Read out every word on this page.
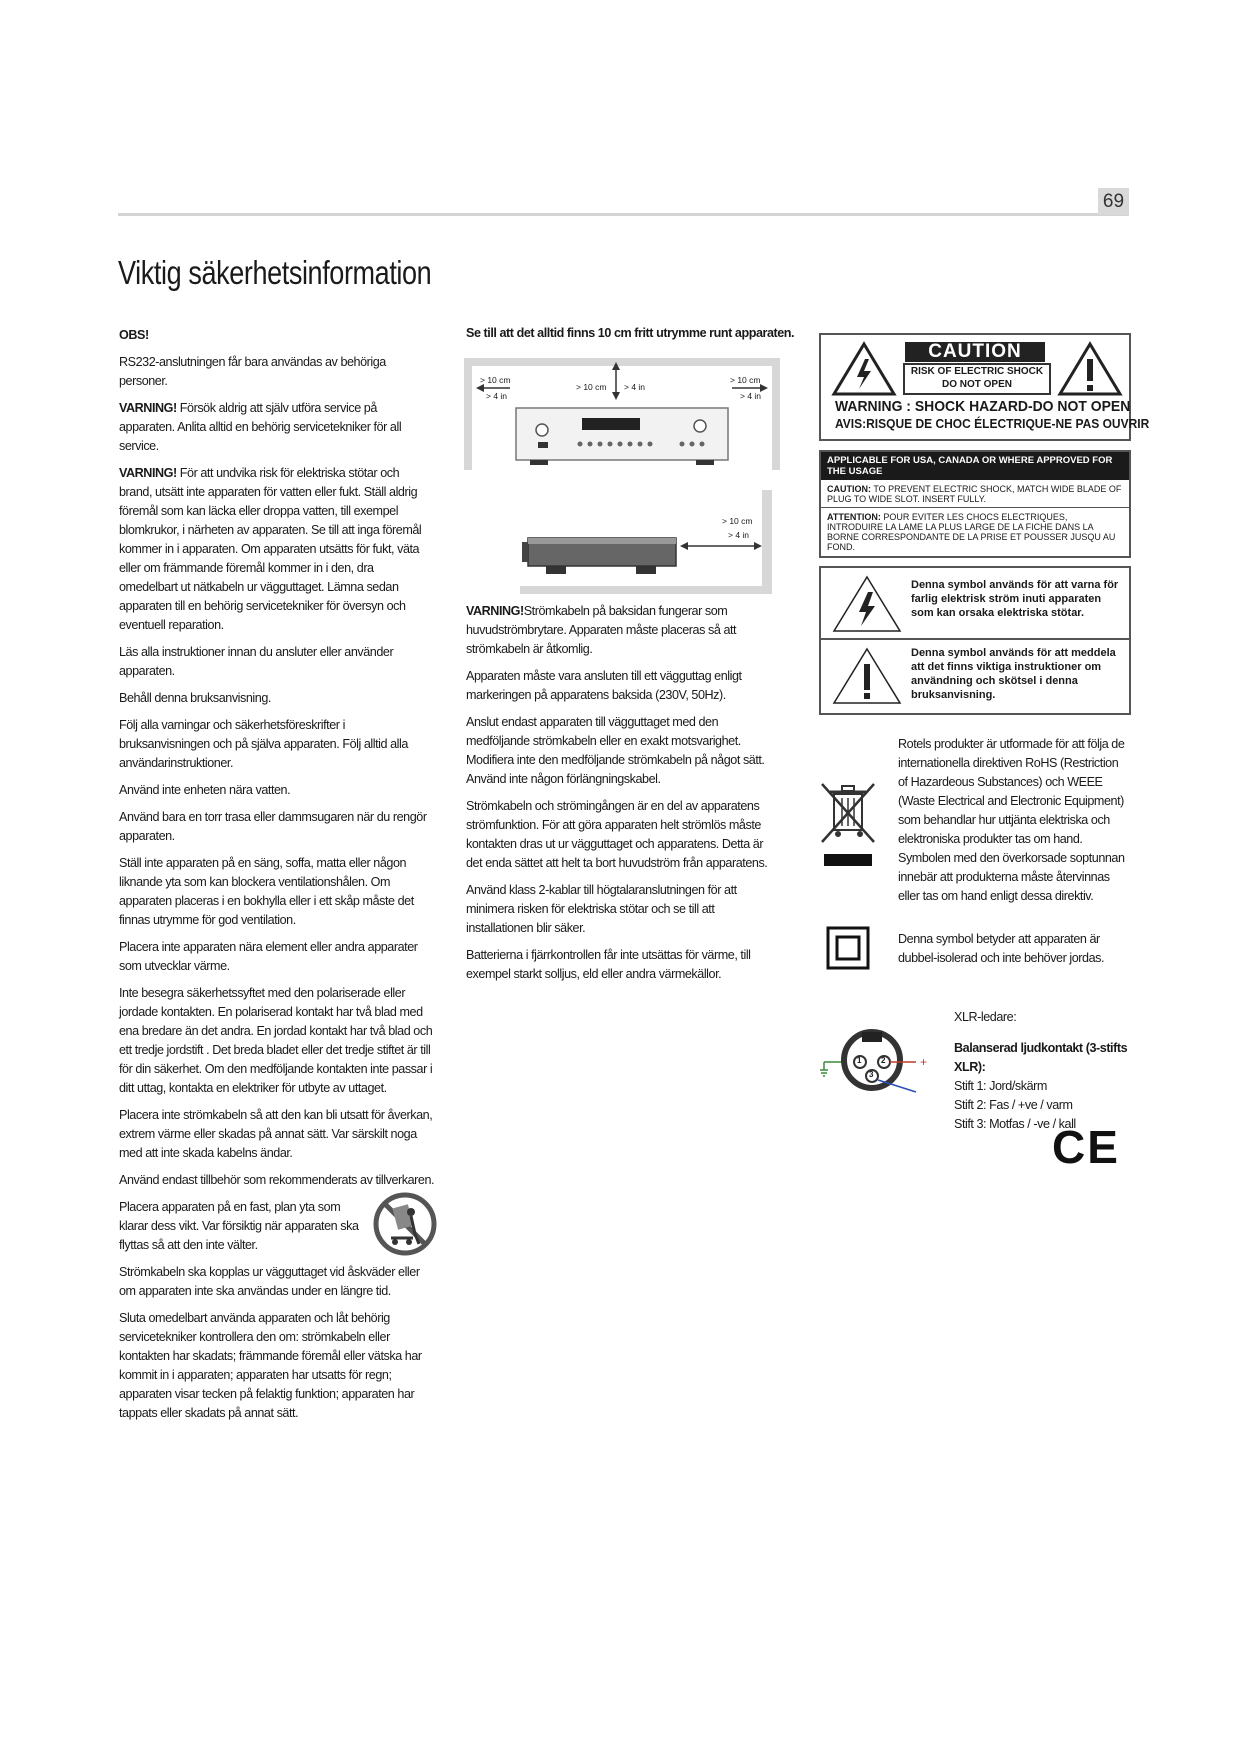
69
Viktig säkerhetsinformation

OBS!

RS232-anslutningen får bara användas av behöriga personer.

VARNING! Försök aldrig att själv utföra service på apparaten. Anlita alltid en behörig servicetekniker för all service.

VARNING! För att undvika risk för elektriska stötar och brand, utsätt inte apparaten för vatten eller fukt. Ställ aldrig föremål som kan läcka eller droppa vatten, till exempel blomkrukor, i närheten av apparaten. Se till att inga föremål kommer in i apparaten. Om apparaten utsätts för fukt, väta eller om främmande föremål kommer in i den, dra omedelbart ut nätkabeln ur vägguttaget. Lämna sedan apparaten till en behörig servicetekniker för översyn och eventuell reparation.

Läs alla instruktioner innan du ansluter eller använder apparaten.

Behåll denna bruksanvisning.

Följ alla varningar och säkerhetsföreskrifter i bruksanvisningen och på själva apparaten. Följ alltid alla användarinstruktioner.

Använd inte enheten nära vatten.

Använd bara en torr trasa eller dammsugaren när du rengör apparaten.

Ställ inte apparaten på en säng, soffa, matta eller någon liknande yta som kan blockera ventilationshålen. Om apparaten placeras i en bokhylla eller i ett skåp måste det finnas utrymme för god ventilation.

Placera inte apparaten nära element eller andra apparater som utvecklar värme.

Inte besegra säkerhetssyftet med den polariserade eller jordade kontakten. En polariserad kontakt har två blad med ena bredare än det andra. En jordad kontakt har två blad och ett tredje jordstift . Det breda bladet eller det tredje stiftet är till för din säkerhet. Om den medföljande kontakten inte passar i ditt uttag, kontakta en elektriker för utbyte av uttaget.

Placera inte strömkabeln så att den kan bli utsatt för åverkan, extrem värme eller skadas på annat sätt. Var särskilt noga med att inte skada kabelns ändar.

Använd endast tillbehör som rekommenderats av tillverkaren.

Placera apparaten på en fast, plan yta som klarar dess vikt. Var försiktig när apparaten ska flyttas så att den inte välter.

Strömkabeln ska kopplas ur vägguttaget vid åskväder eller om apparaten inte ska användas under en längre tid.

Sluta omedelbart använda apparaten och låt behörig servicetekniker kontrollera den om: strömkabeln eller kontakten har skadats; främmande föremål eller vätska har kommit in i apparaten; apparaten har utsatts för regn; apparaten visar tecken på felaktig funktion; apparaten har tappats eller skadats på annat sätt.

Se till att det alltid finns 10 cm fritt utrymme runt apparaten.
> 10 cm
> 4 in
> 10 cm > 4 in
> 10 cm
> 4 in
> 10 cm
> 4 in

VARNING!Strömkabeln på baksidan fungerar som huvudströmbrytare. Apparaten måste placeras så att strömkabeln är åtkomlig.

Apparaten måste vara ansluten till ett vägguttag enligt markeringen på apparatens baksida (230V, 50Hz).

Anslut endast apparaten till vägguttaget med den medföljande strömkabeln eller en exakt motsvarighet. Modifiera inte den medföljande strömkabeln på något sätt. Använd inte någon förlängningskabel.

Strömkabeln och strömingången är en del av apparatens strömfunktion. För att göra apparaten helt strömlös måste kontakten dras ut ur vägguttaget och apparatens. Detta är det enda sättet att helt ta bort huvudström från apparatens.

Använd klass 2-kablar till högtalaranslutningen för att minimera risken för elektriska stötar och se till att installationen blir säker.

Batterierna i fjärrkontrollen får inte utsättas för värme, till exempel starkt solljus, eld eller andra värmekällor.

CAUTION
RISK OF ELECTRIC SHOCK
DO NOT OPEN
WARNING : SHOCK HAZARD-DO NOT OPEN
AVIS:RISQUE DE CHOC ÉLECTRIQUE-NE PAS OUVRIR
APPLICABLE FOR USA, CANADA OR WHERE APPROVED FOR THE USAGE
CAUTION: TO PREVENT ELECTRIC SHOCK, MATCH WIDE BLADE OF PLUG TO WIDE SLOT. INSERT FULLY.
ATTENTION: POUR EVITER LES CHOCS ELECTRIQUES, INTRODUIRE LA LAME LA PLUS LARGE DE LA FICHE DANS LA BORNE CORRESPONDANTE DE LA PRISE ET POUSSER JUSQU AU FOND.
Denna symbol används för att varna för farlig elektrisk ström inuti apparaten som kan orsaka elektriska stötar.
Denna symbol används för att meddela att det finns viktiga instruktioner om användning och skötsel i denna bruksanvisning.
Rotels produkter är utformade för att följa de internationella direktiven RoHS (Restriction of Hazardeous Substances) och WEEE (Waste Electrical and Electronic Equipment) som behandlar hur uttjänta elektriska och elektroniska produkter tas om hand. Symbolen med den överkorsade soptunnan innebär att produkterna måste återvinnas eller tas om hand enligt dessa direktiv.
Denna symbol betyder att apparaten är dubbel-isolerad och inte behöver jordas.

XLR-ledare:

Balanserad ljudkontakt (3-stifts XLR):

Stift 1: Jord/skärm

Stift 2: Fas / +ve / varm

Stift 3: Motfas / -ve / kall

+
1 2
3
CE
